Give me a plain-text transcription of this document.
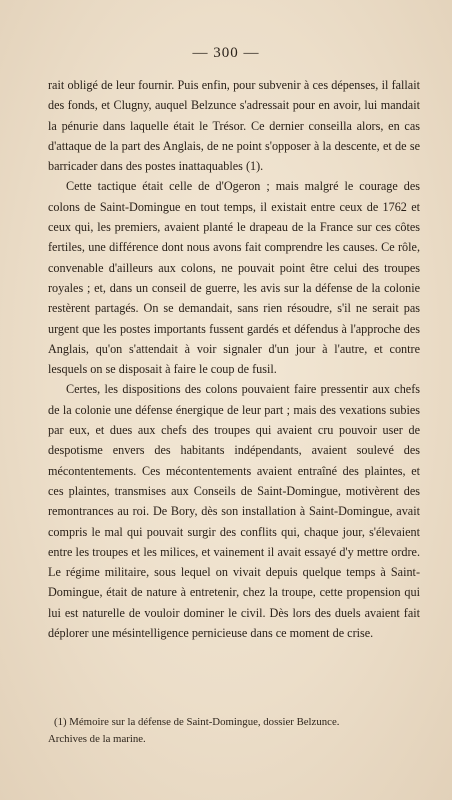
— 300 —

rait obligé de leur fournir. Puis enfin, pour subvenir à ces dépenses, il fallait des fonds, et Clugny, auquel Belzunce s'adressait pour en avoir, lui mandait la pénurie dans laquelle était le Trésor. Ce dernier conseilla alors, en cas d'attaque de la part des Anglais, de ne point s'opposer à la descente, et de se barricader dans des postes inattaquables (1).

Cette tactique était celle de d'Ogeron ; mais malgré le courage des colons de Saint-Domingue en tout temps, il existait entre ceux de 1762 et ceux qui, les premiers, avaient planté le drapeau de la France sur ces côtes fertiles, une différence dont nous avons fait comprendre les causes. Ce rôle, convenable d'ailleurs aux colons, ne pouvait point être celui des troupes royales ; et, dans un conseil de guerre, les avis sur la défense de la colonie restèrent partagés. On se demandait, sans rien résoudre, s'il ne serait pas urgent que les postes importants fussent gardés et défendus à l'approche des Anglais, qu'on s'attendait à voir signaler d'un jour à l'autre, et contre lesquels on se disposait à faire le coup de fusil.

Certes, les dispositions des colons pouvaient faire pressentir aux chefs de la colonie une défense énergique de leur part ; mais des vexations subies par eux, et dues aux chefs des troupes qui avaient cru pouvoir user de despotisme envers des habitants indépendants, avaient soulevé des mécontentements. Ces mécontentements avaient entraîné des plaintes, et ces plaintes, transmises aux Conseils de Saint-Domingue, motivèrent des remontrances au roi. De Bory, dès son installation à Saint-Domingue, avait compris le mal qui pouvait surgir des conflits qui, chaque jour, s'élevaient entre les troupes et les milices, et vainement il avait essayé d'y mettre ordre. Le régime militaire, sous lequel on vivait depuis quelque temps à Saint-Domingue, était de nature à entretenir, chez la troupe, cette propension qui lui est naturelle de vouloir dominer le civil. Dès lors des duels avaient fait déplorer une mésintelligence pernicieuse dans ce moment de crise.

(1) Mémoire sur la défense de Saint-Domingue, dossier Belzunce.

Archives de la marine.
